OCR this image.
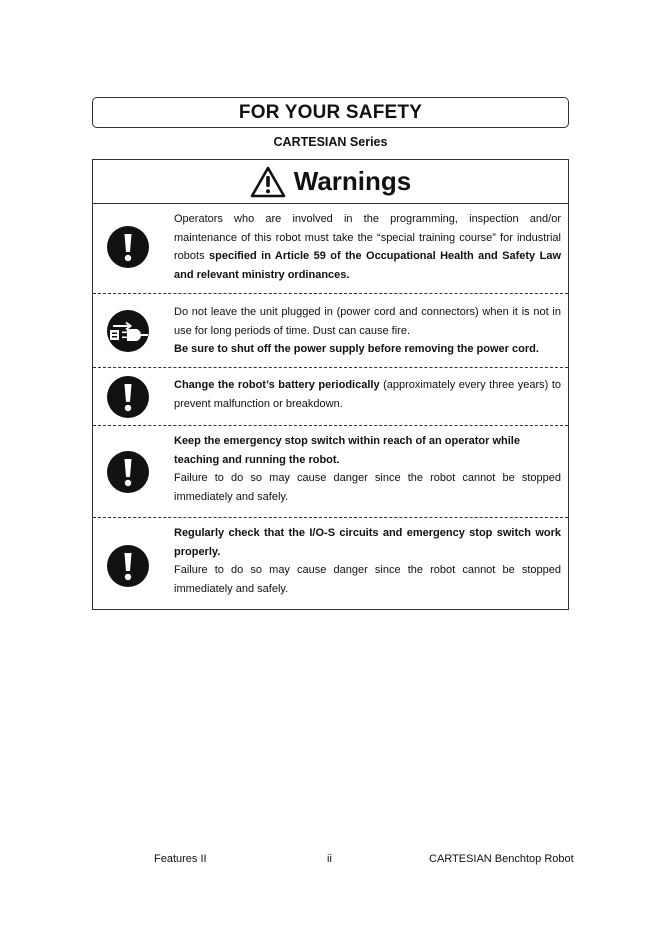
FOR YOUR SAFETY
CARTESIAN Series
Warnings
Operators who are involved in the programming, inspection and/or maintenance of this robot must take the “special training course” for industrial robots specified in Article 59 of the Occupational Health and Safety Law and relevant ministry ordinances.
Do not leave the unit plugged in (power cord and connectors) when it is not in use for long periods of time. Dust can cause fire.
Be sure to shut off the power supply before removing the power cord.
Change the robot’s battery periodically (approximately every three years) to prevent malfunction or breakdown.
Keep the emergency stop switch within reach of an operator while teaching and running the robot.
Failure to do so may cause danger since the robot cannot be stopped immediately and safely.
Regularly check that the I/O-S circuits and emergency stop switch work properly.
Failure to do so may cause danger since the robot cannot be stopped immediately and safely.
Features II	ii	CARTESIAN Benchtop Robot
